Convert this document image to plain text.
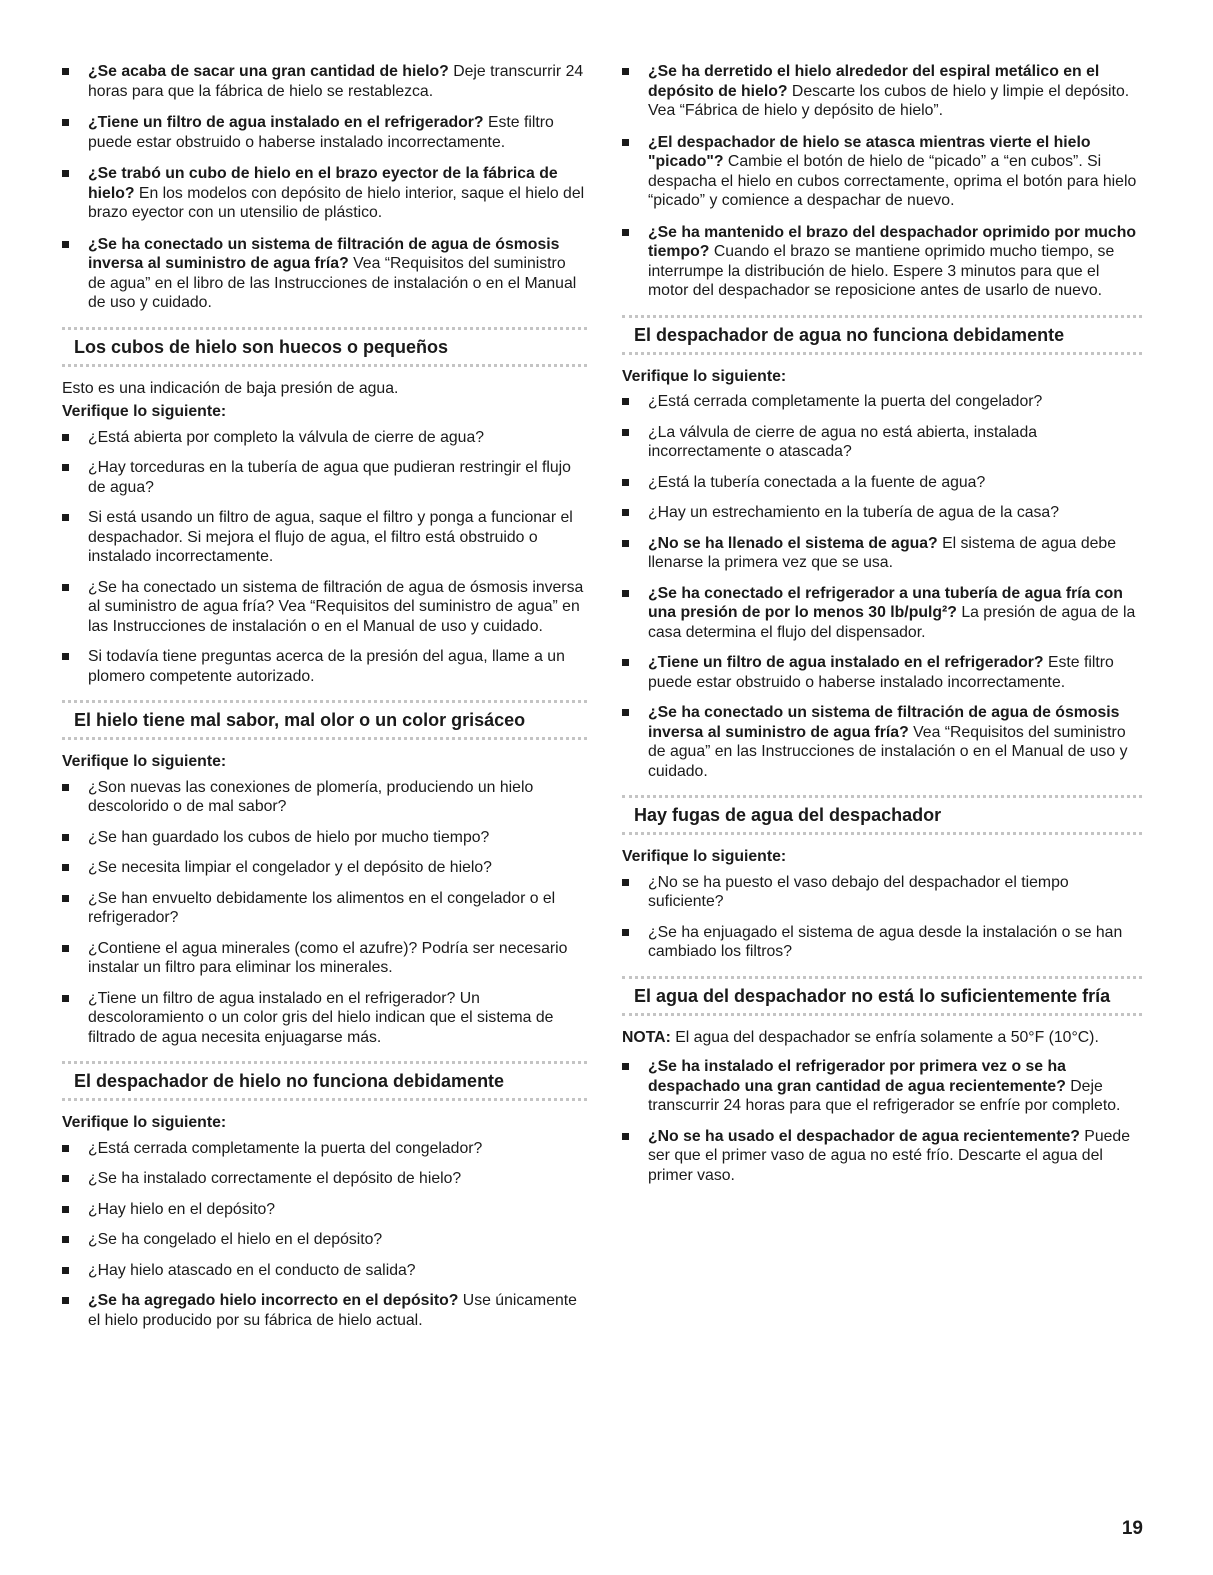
¿Se acaba de sacar una gran cantidad de hielo? Deje transcurrir 24 horas para que la fábrica de hielo se restablezca.
¿Tiene un filtro de agua instalado en el refrigerador? Este filtro puede estar obstruido o haberse instalado incorrectamente.
¿Se trabó un cubo de hielo en el brazo eyector de la fábrica de hielo? En los modelos con depósito de hielo interior, saque el hielo del brazo eyector con un utensilio de plástico.
¿Se ha conectado un sistema de filtración de agua de ósmosis inversa al suministro de agua fría? Vea “Requisitos del suministro de agua” en el libro de las Instrucciones de instalación o en el Manual de uso y cuidado.
Los cubos de hielo son huecos o pequeños

Esto es una indicación de baja presión de agua.

Verifique lo siguiente:

¿Está abierta por completo la válvula de cierre de agua?
¿Hay torceduras en la tubería de agua que pudieran restringir el flujo de agua?
Si está usando un filtro de agua, saque el filtro y ponga a funcionar el despachador. Si mejora el flujo de agua, el filtro está obstruido o instalado incorrectamente.
¿Se ha conectado un sistema de filtración de agua de ósmosis inversa al suministro de agua fría? Vea “Requisitos del suministro de agua” en las Instrucciones de instalación o en el Manual de uso y cuidado.
Si todavía tiene preguntas acerca de la presión del agua, llame a un plomero competente autorizado.
El hielo tiene mal sabor, mal olor o un color grisáceo

Verifique lo siguiente:

¿Son nuevas las conexiones de plomería, produciendo un hielo descolorido o de mal sabor?
¿Se han guardado los cubos de hielo por mucho tiempo?
¿Se necesita limpiar el congelador y el depósito de hielo?
¿Se han envuelto debidamente los alimentos en el congelador o el refrigerador?
¿Contiene el agua minerales (como el azufre)? Podría ser necesario instalar un filtro para eliminar los minerales.
¿Tiene un filtro de agua instalado en el refrigerador? Un descoloramiento o un color gris del hielo indican que el sistema de filtrado de agua necesita enjuagarse más.
El despachador de hielo no funciona debidamente

Verifique lo siguiente:

¿Está cerrada completamente la puerta del congelador?
¿Se ha instalado correctamente el depósito de hielo?
¿Hay hielo en el depósito?
¿Se ha congelado el hielo en el depósito?
¿Hay hielo atascado en el conducto de salida?
¿Se ha agregado hielo incorrecto en el depósito? Use únicamente el hielo producido por su fábrica de hielo actual.
¿Se ha derretido el hielo alrededor del espiral metálico en el depósito de hielo? Descarte los cubos de hielo y limpie el depósito. Vea “Fábrica de hielo y depósito de hielo”.
¿El despachador de hielo se atasca mientras vierte el hielo "picado"? Cambie el botón de hielo de “picado” a “en cubos”. Si despacha el hielo en cubos correctamente, oprima el botón para hielo “picado” y comience a despachar de nuevo.
¿Se ha mantenido el brazo del despachador oprimido por mucho tiempo? Cuando el brazo se mantiene oprimido mucho tiempo, se interrumpe la distribución de hielo. Espere 3 minutos para que el motor del despachador se reposicione antes de usarlo de nuevo.
El despachador de agua no funciona debidamente

Verifique lo siguiente:

¿Está cerrada completamente la puerta del congelador?
¿La válvula de cierre de agua no está abierta, instalada incorrectamente o atascada?
¿Está la tubería conectada a la fuente de agua?
¿Hay un estrechamiento en la tubería de agua de la casa?
¿No se ha llenado el sistema de agua? El sistema de agua debe llenarse la primera vez que se usa.
¿Se ha conectado el refrigerador a una tubería de agua fría con una presión de por lo menos 30 lb/pulg²? La presión de agua de la casa determina el flujo del dispensador.
¿Tiene un filtro de agua instalado en el refrigerador? Este filtro puede estar obstruido o haberse instalado incorrectamente.
¿Se ha conectado un sistema de filtración de agua de ósmosis inversa al suministro de agua fría? Vea “Requisitos del suministro de agua” en las Instrucciones de instalación o en el Manual de uso y cuidado.
Hay fugas de agua del despachador

Verifique lo siguiente:

¿No se ha puesto el vaso debajo del despachador el tiempo suficiente?
¿Se ha enjuagado el sistema de agua desde la instalación o se han cambiado los filtros?
El agua del despachador no está lo suficientemente fría

NOTA: El agua del despachador se enfría solamente a 50°F (10°C).

¿Se ha instalado el refrigerador por primera vez o se ha despachado una gran cantidad de agua recientemente? Deje transcurrir 24 horas para que el refrigerador se enfríe por completo.
¿No se ha usado el despachador de agua recientemente? Puede ser que el primer vaso de agua no esté frío. Descarte el agua del primer vaso.
19
